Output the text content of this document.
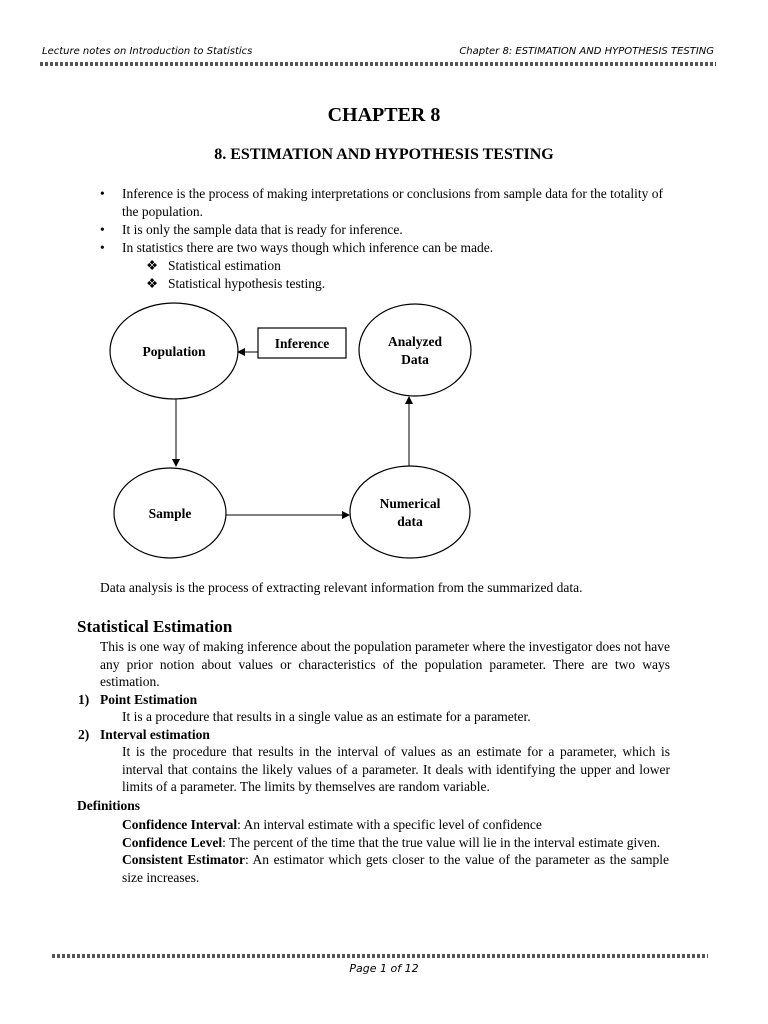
Lecture notes on Introduction to Statistics	Chapter 8: ESTIMATION AND HYPOTHESIS TESTING
CHAPTER 8
8. ESTIMATION AND HYPOTHESIS TESTING
• Inference is the process of making interpretations or conclusions from sample data for the totality of the population.
• It is only the sample data that is ready for inference.
• In statistics there are two ways though which inference can be made.
❖ Statistical estimation
❖ Statistical hypothesis testing.
Population
Inference	Analyzed
Data
Sample
Numerical
data
Data analysis is the process of extracting relevant information from the summarized data.
Statistical Estimation

This is one way of making inference about the population parameter where the investigator does not have any prior notion about values or characteristics of the population parameter. There are two ways estimation.

1) Point Estimation
It is a procedure that results in a single value as an estimate for a parameter.
2) Interval estimation
It is the procedure that results in the interval of values as an estimate for a parameter, which is interval that contains the likely values of a parameter. It deals with identifying the upper and lower limits of a parameter. The limits by themselves are random variable.
Definitions

Confidence Interval: An interval estimate with a specific level of confidence

Confidence Level: The percent of the time that the true value will lie in the interval estimate given.

Consistent Estimator: An estimator which gets closer to the value of the parameter as the sample size increases.

Page 1 of 12
